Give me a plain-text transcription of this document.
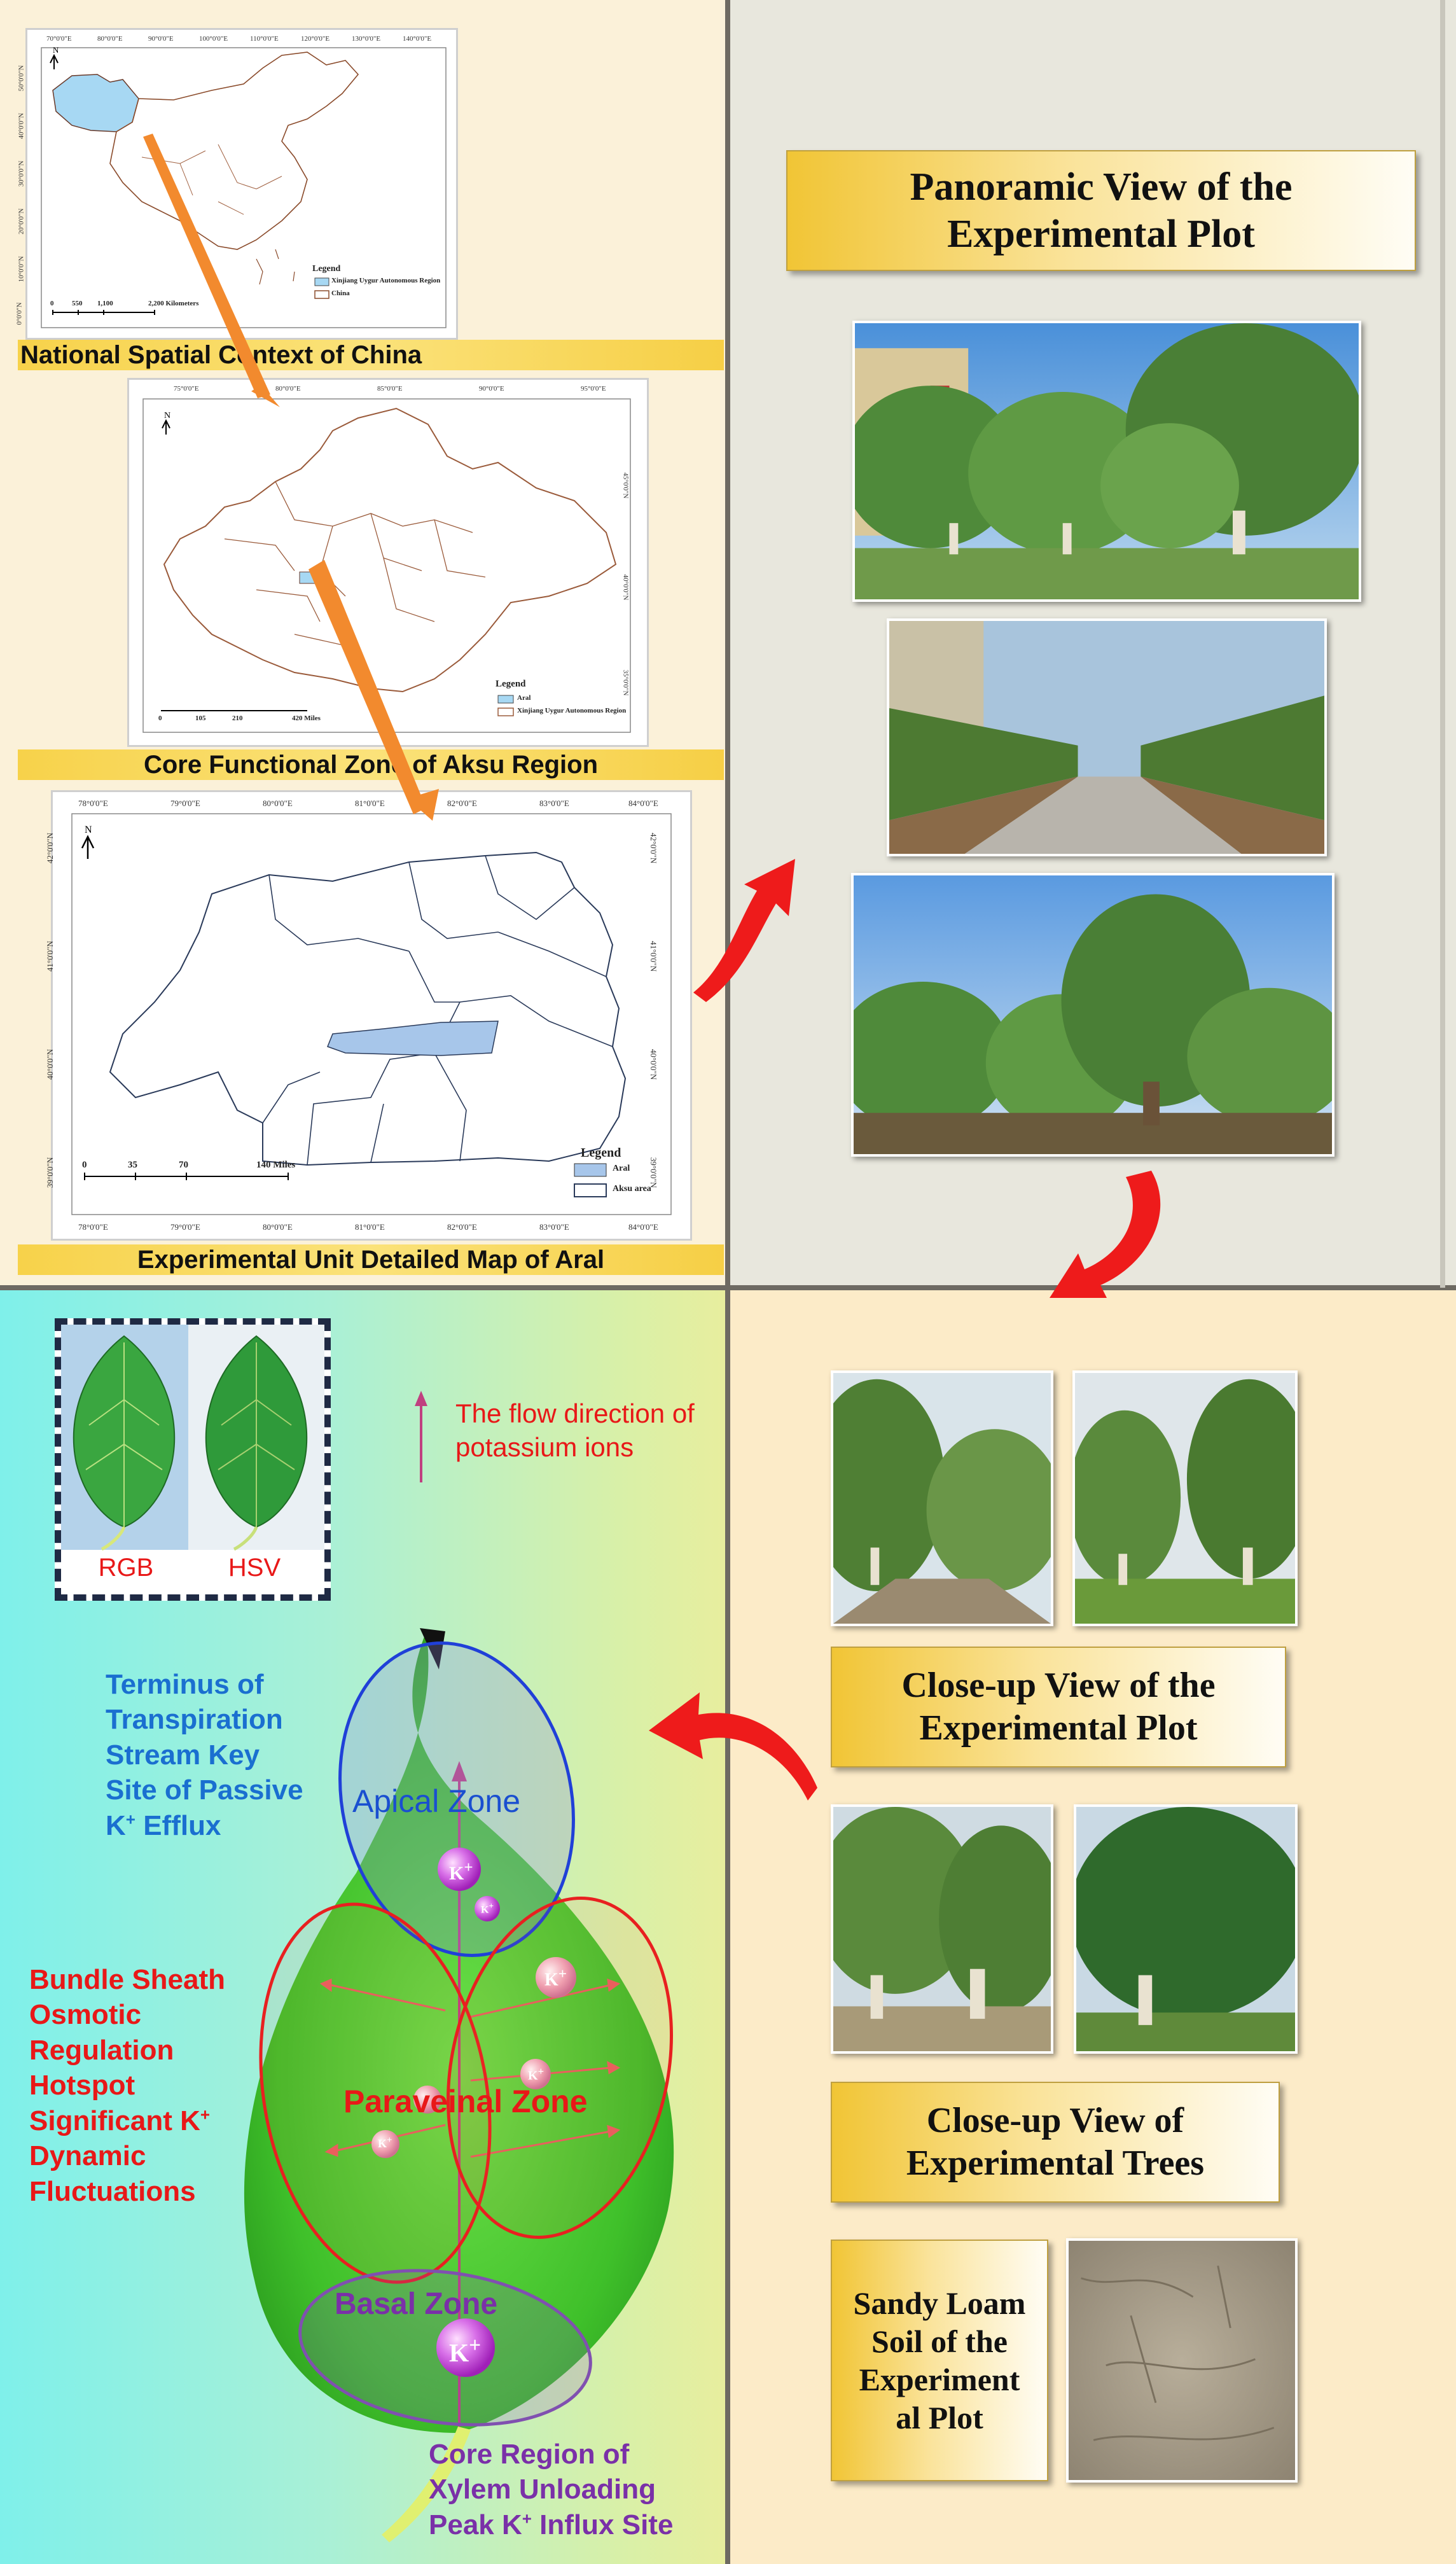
70°0'0"E	80°0'0"E	90°0'0"E	100°0'0"E	110°0'0"E	120°0'0"E	130°0'0"E	140°0'0"E
50°0'0"N
40°0'0"N
30°0'0"N
20°0'0"N
10°0'0"N
0°0'0"N
N
Legend
Xinjiang Uygur Autonomous Region
China
0	550 1,100	2,200 Kilometers
National Spatial Context of China
75°0'0"E	80°0'0"E	85°0'0"E	90°0'0"E	95°0'0"E
45°0'0"N
40°0'0"N
35°0'0"N
N
Legend
Aral
Xinjiang Uygur Autonomous Region
0	105	210	420 Miles
Core Functional Zone of Aksu Region
78°0'0"E	79°0'0"E	80°0'0"E	81°0'0"E	82°0'0"E	83°0'0"E	84°0'0"E
78°0'0"E	79°0'0"E	80°0'0"E	81°0'0"E	82°0'0"E	83°0'0"E	84°0'0"E
42°0'0"N
41°0'0"N
40°0'0"N
39°0'0"N
42°0'0"N
41°0'0"N
40°0'0"N
39°0'0"N
N
Legend
Aral
Aksu area
0	35	70	140 Miles
Experimental Unit Detailed Map of Aral
Panoramic View of the Experimental Plot
Close-up View of the Experimental Plot
Close-up View of Experimental Trees
Sandy Loam Soil of the Experiment al Plot
RGB	HSV
The flow direction of potassium ions
K+
K+
K+
K+
K+
K+
Apical Zone
Paraveinal Zone
Basal Zone
Terminus of
Transpiration
Stream Key
Site of Passive
K+ Efflux
Bundle Sheath
Osmotic
Regulation
Hotspot
Significant K+
Dynamic
Fluctuations
Core Region of
Xylem Unloading
Peak K+ Influx Site
